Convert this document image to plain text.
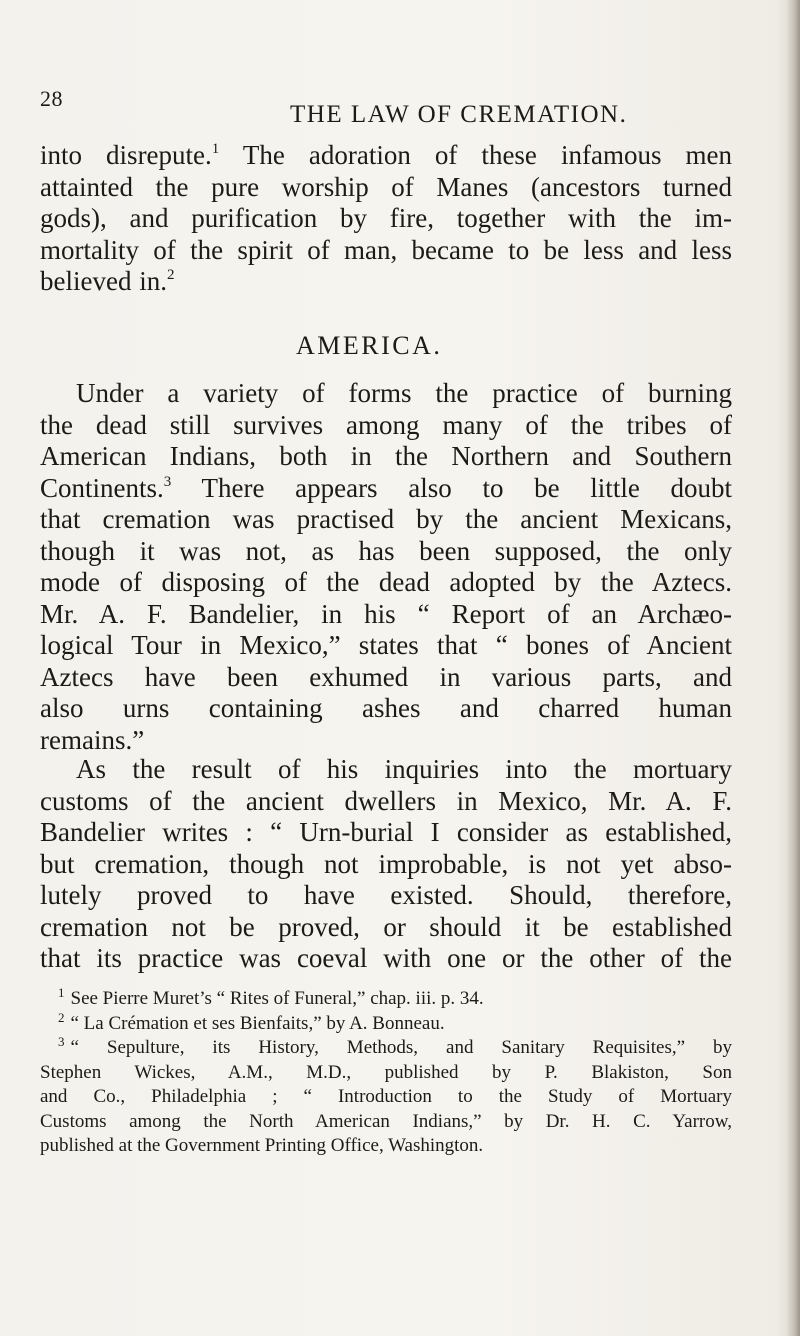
28
THE LAW OF CREMATION.
into disrepute.$^1$ The adoration of these infamous men
attainted the pure worship of Manes (ancestors turned
gods), and purification by fire, together with the im-
mortality of the spirit of man, became to be less and less
believed in.$^2$
AMERICA.
Under a variety of forms the practice of burning
the dead still survives among many of the tribes of
American Indians, both in the Northern and Southern
Continents.$^3$ There appears also to be little doubt
that cremation was practised by the ancient Mexicans,
though it was not, as has been supposed, the only
mode of disposing of the dead adopted by the Aztecs.
Mr. A. F. Bandelier, in his “ Report of an Archæo-
logical Tour in Mexico,” states that “ bones of Ancient
Aztecs have been exhumed in various parts, and
also urns containing ashes and charred human
remains.”
As the result of his inquiries into the mortuary
customs of the ancient dwellers in Mexico, Mr. A. F.
Bandelier writes : “ Urn-burial I consider as established,
but cremation, though not improbable, is not yet abso-
lutely proved to have existed. Should, therefore,
cremation not be proved, or should it be established
that its practice was coeval with one or the other of the
$^1$ See Pierre Muret’s “ Rites of Funeral,” chap. iii. p. 34.
$^2$ “ La Crémation et ses Bienfaits,” by A. Bonneau.
$^3$ “ Sepulture, its History, Methods, and Sanitary Requisites,” by
Stephen Wickes, A.M., M.D., published by P. Blakiston, Son
and Co., Philadelphia ; “ Introduction to the Study of Mortuary
Customs among the North American Indians,” by Dr. H. C. Yarrow,
published at the Government Printing Office, Washington.
